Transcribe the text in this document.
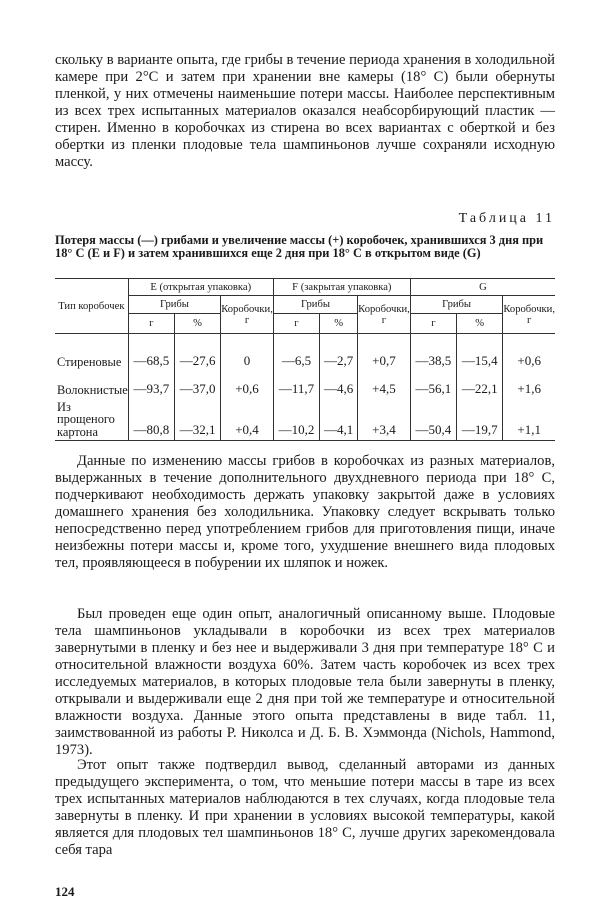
скольку в варианте опыта, где грибы в течение периода хранения в холодильной камере при 2°С и затем при хранении вне камеры (18° С) были обернуты пленкой, у них отмечены наименьшие потери массы. Наиболее перспективным из всех трех испытанных материалов оказался неабсорбирующий пластик — стирен. Именно в коробочках из стирена во всех вариантах с оберткой и без обертки из пленки плодовые тела шампиньонов лучше сохраняли исходную массу.

Таблица 11

Потеря массы (—) грибами и увеличение массы (+) коробочек, хранившихся 3 дня при 18° С (Е и F) и затем хранившихся еще 2 дня при 18° С в открытом виде (G)

Тип коробочек	Е (открытая упаковка)			F (закрытая упаковка)			G		
	Грибы		Коробочки, г	Грибы		Коробочки, г	Грибы		Коробочки, г
	г	%		г	%		г	%	
Стиреновые	—68,5	—27,6	0	—6,5	—2,7	+0,7	—38,5	—15,4	+0,6
Волокнистые	—93,7	—37,0	+0,6	—11,7	—4,6	+4,5	—56,1	—22,1	+1,6
Из прощеного картона	—80,8	—32,1	+0,4	—10,2	—4,1	+3,4	—50,4	—19,7	+1,1

Данные по изменению массы грибов в коробочках из разных материалов, выдержанных в течение дополнительного двухдневного периода при 18° С, подчеркивают необходимость держать упаковку закрытой даже в условиях домашнего хранения без холодильника. Упаковку следует вскрывать только непосредственно перед употреблением грибов для приготовления пищи, иначе неизбежны потери массы и, кроме того, ухудшение внешнего вида плодовых тел, проявляющееся в побурении их шляпок и ножек.

Был проведен еще один опыт, аналогичный описанному выше. Плодовые тела шампиньонов укладывали в коробочки из всех трех материалов завернутыми в пленку и без нее и выдерживали 3 дня при температуре 18° С и относительной влажности воздуха 60%. Затем часть коробочек из всех трех исследуемых материалов, в которых плодовые тела были завернуты в пленку, открывали и выдерживали еще 2 дня при той же температуре и относительной влажности воздуха. Данные этого опыта представлены в виде табл. 11, заимствованной из работы Р. Николса и Д. Б. В. Хэммонда (Nichols, Hammond, 1973).

Этот опыт также подтвердил вывод, сделанный авторами из данных предыдущего эксперимента, о том, что меньшие потери массы в таре из всех трех испытанных материалов наблюдаются в тех случаях, когда плодовые тела завернуты в пленку. И при хранении в условиях высокой температуры, какой является для плодовых тел шампиньонов 18° С, лучше других зарекомендовала себя тара

124
